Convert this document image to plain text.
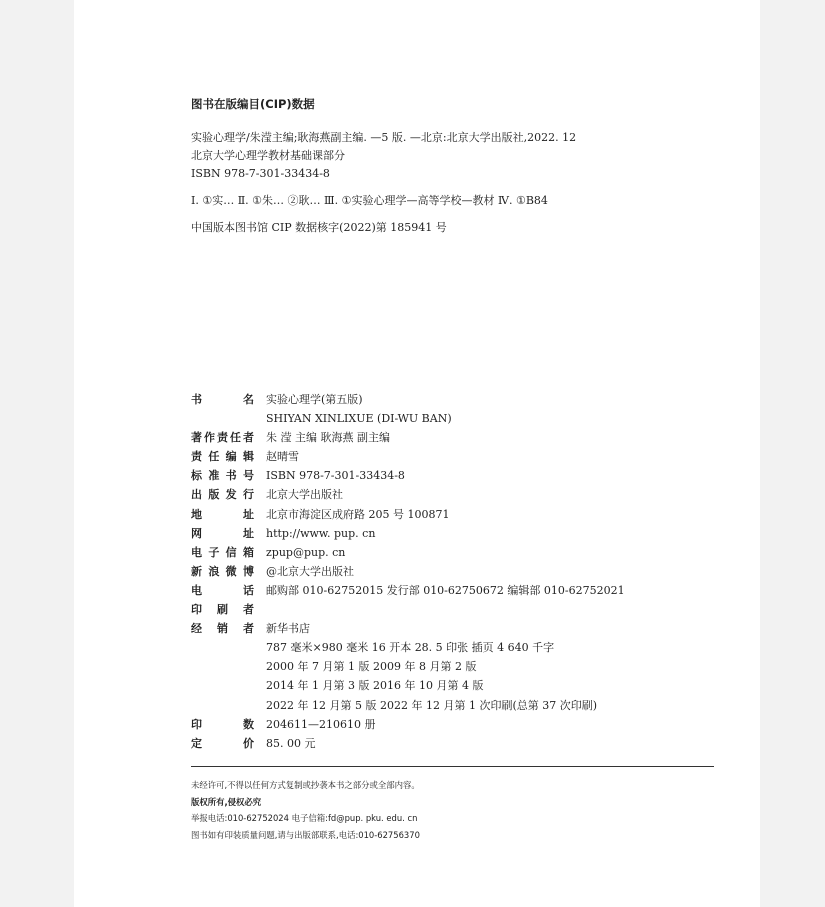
图书在版编目(CIP)数据
实验心理学/朱滢主编;耿海燕副主编. —5 版. —北京:北京大学出版社,2022. 12
北京大学心理学教材基础课部分
ISBN 978-7-301-33434-8
Ⅰ. ①实… Ⅱ. ①朱… ②耿… Ⅲ. ①实验心理学—高等学校—教材 Ⅳ. ①B84
中国版本图书馆 CIP 数据核字(2022)第 185941 号
书	名	实验心理学(第五版)
SHIYAN XINLIXUE (DI-WU BAN)
著 作 责 任 者	朱 滢 主编 耿海燕 副主编
责 任 编 辑	赵晴雪
标 准 书 号	ISBN 978-7-301-33434-8
出 版 发 行	北京大学出版社
地	址	北京市海淀区成府路 205 号 100871
网	址	http://www. pup. cn
电 子 信 箱	zpup@pup. cn
新 浪 微 博	@北京大学出版社
电	话	邮购部 010-62752015 发行部 010-62750672 编辑部 010-62752021
印 刷 者
经 销 者	新华书店
787 毫米×980 毫米 16 开本 28. 5 印张 插页 4 640 千字
2000 年 7 月第 1 版 2009 年 8 月第 2 版
2014 年 1 月第 3 版 2016 年 10 月第 4 版
2022 年 12 月第 5 版 2022 年 12 月第 1 次印刷(总第 37 次印刷)
印	数	204611—210610 册
定	价	85. 00 元
未经许可,不得以任何方式复制或抄袭本书之部分或全部内容。
版权所有,侵权必究
举报电话:010-62752024 电子信箱:fd@pup. pku. edu. cn
图书如有印装质量问题,请与出版部联系,电话:010-62756370
